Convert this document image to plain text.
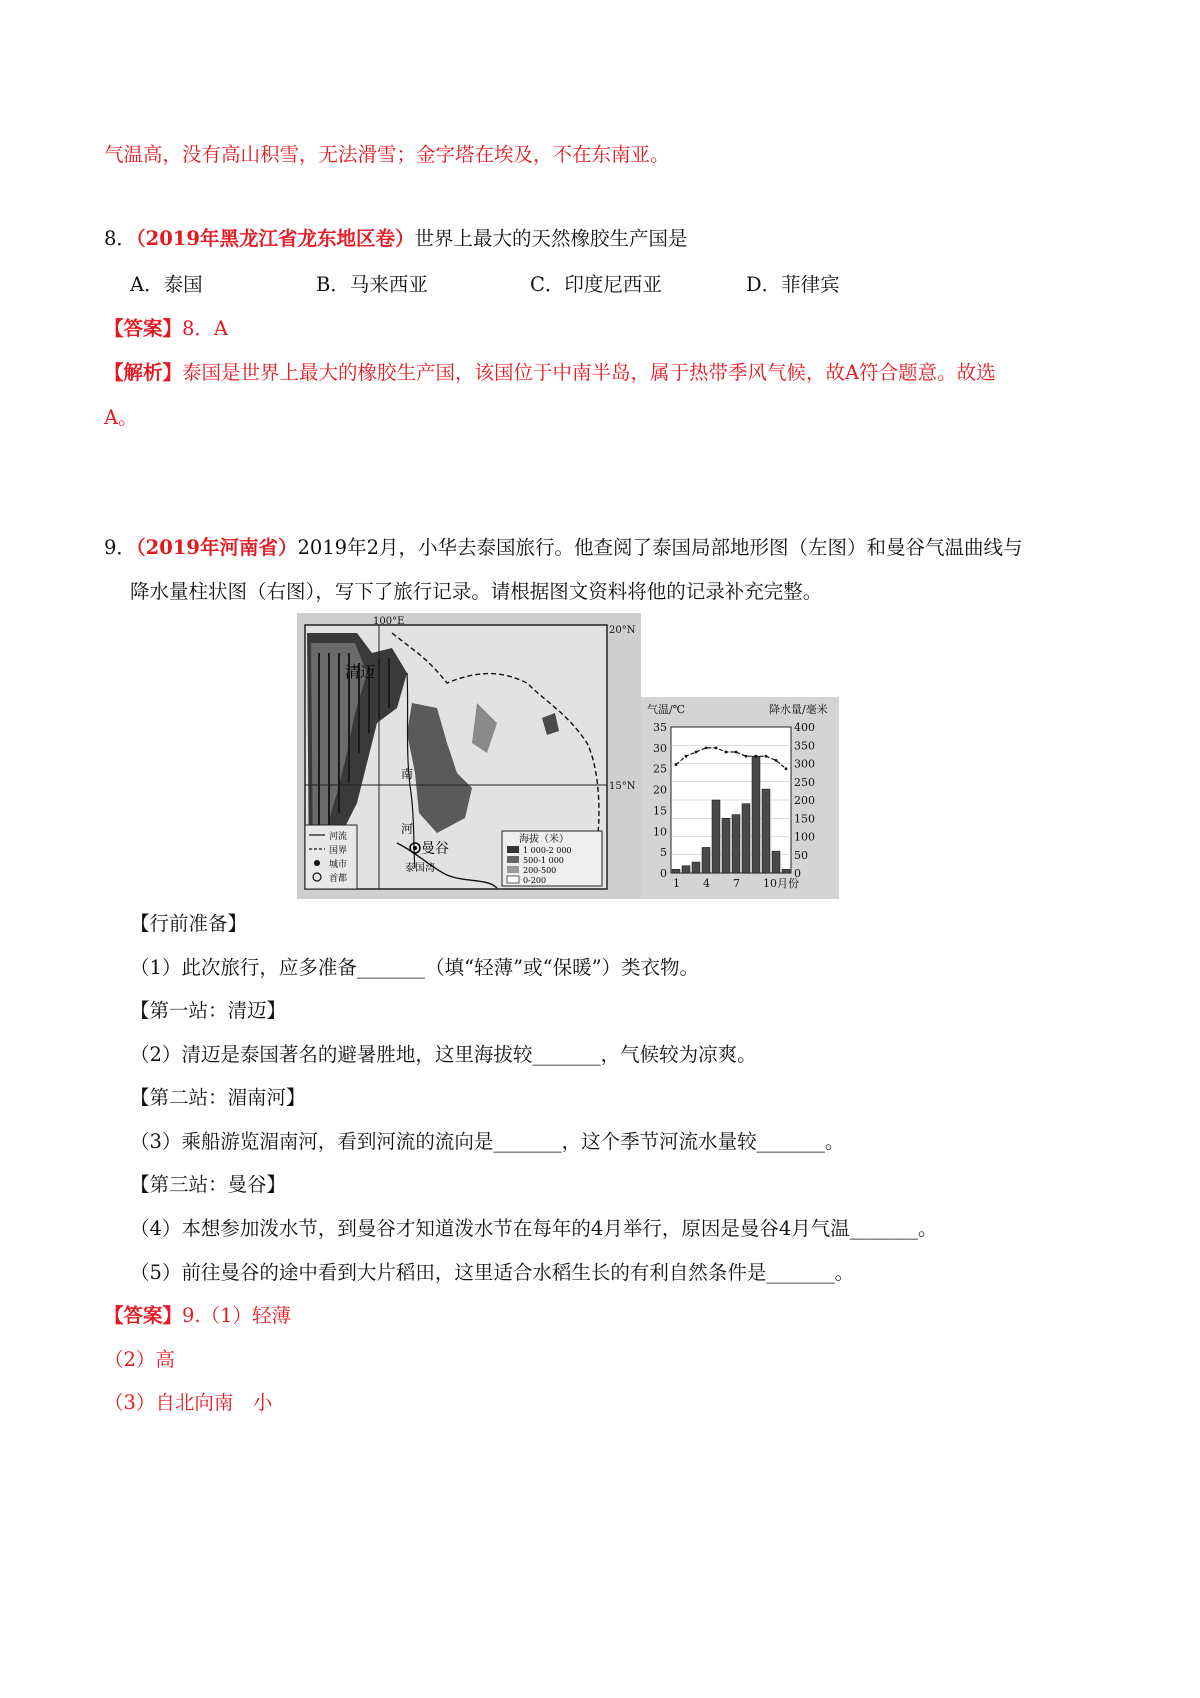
气温高，没有高山积雪，无法滑雪；金字塔在埃及，不在东南亚。
8．（2019年黑龙江省龙东地区卷）世界上最大的天然橡胶生产国是
A．泰国	B．马来西亚	C．印度尼西亚	D．菲律宾
【答案】8．A
【解析】泰国是世界上最大的橡胶生产国，该国位于中南半岛，属于热带季风气候，故A符合题意。故选
A。
9．（2019年河南省）2019年2月，小华去泰国旅行。他查阅了泰国局部地形图（左图）和曼谷气温曲线与
降水量柱状图（右图），写下了旅行记录。请根据图文资料将他的记录补充完整。
100°E
20°N
15°N
清迈
曼谷
南
河
泰国湾
海拔（米）
1 000-2 000
500-1 000
200-500
0-200
河流
国界
城市
首都
气温/℃	降水量/毫米
35
30
25
20
15
10
5
0
400
350
300
250
200
150
100
50
0
1 4 7 10月份
【行前准备】
（1）此次旅行，应多准备_______（填“轻薄”或“保暖”）类衣物。
【第一站：清迈】
（2）清迈是泰国著名的避暑胜地，这里海拔较_______，气候较为凉爽。
【第二站：湄南河】
（3）乘船游览湄南河，看到河流的流向是_______，这个季节河流水量较_______。
【第三站：曼谷】
（4）本想参加泼水节，到曼谷才知道泼水节在每年的4月举行，原因是曼谷4月气温_______。
（5）前往曼谷的途中看到大片稻田，这里适合水稻生长的有利自然条件是_______。
【答案】9.（1）轻薄
（2）高
（3）自北向南　小
